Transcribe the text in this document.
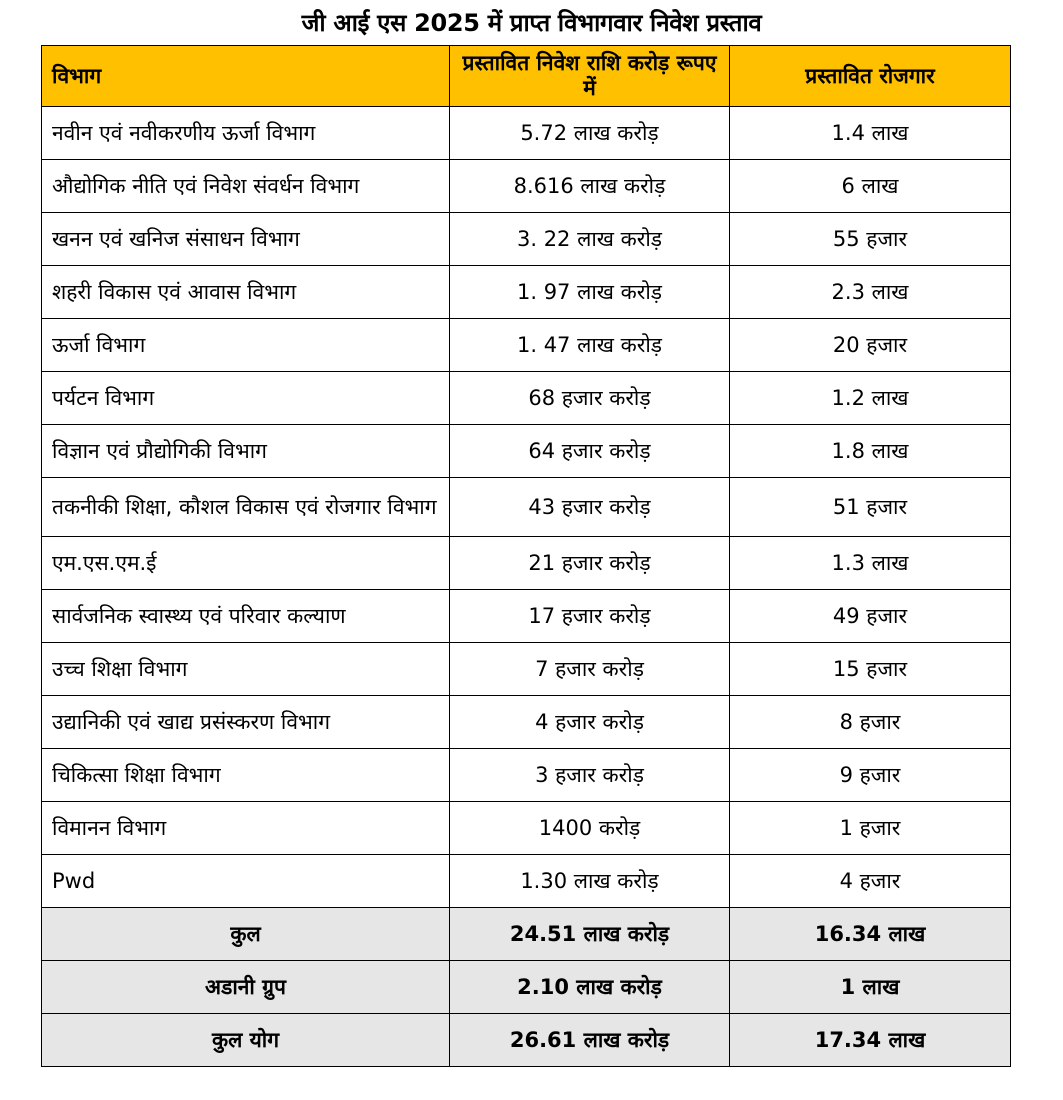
जी आई एस 2025 में प्राप्त विभागवार निवेश प्रस्ताव
विभाग	प्रस्तावित निवेश राशि करोड़ रूपए में	प्रस्तावित रोजगार
नवीन एवं नवीकरणीय ऊर्जा विभाग	5.72 लाख करोड़	1.4 लाख
औद्योगिक नीति एवं निवेश संवर्धन विभाग	8.616 लाख करोड़	6 लाख
खनन एवं खनिज संसाधन विभाग	3. 22 लाख करोड़	55 हजार
शहरी विकास एवं आवास विभाग	1. 97 लाख करोड़	2.3 लाख
ऊर्जा विभाग	1. 47 लाख करोड़	20 हजार
पर्यटन विभाग	68 हजार करोड़	1.2 लाख
विज्ञान एवं प्रौद्योगिकी विभाग	64 हजार करोड़	1.8 लाख
तकनीकी शिक्षा, कौशल विकास एवं रोजगार विभाग	43 हजार करोड़	51 हजार
एम.एस.एम.ई	21 हजार करोड़	1.3 लाख
सार्वजनिक स्वास्थ्य एवं परिवार कल्याण	17 हजार करोड़	49 हजार
उच्च शिक्षा विभाग	7 हजार करोड़	15 हजार
उद्यानिकी एवं खाद्य प्रसंस्करण विभाग	4 हजार करोड़	8 हजार
चिकित्सा शिक्षा विभाग	3 हजार करोड़	9 हजार
विमानन विभाग	1400 करोड़	1 हजार
Pwd	1.30 लाख करोड़	4 हजार
कुल	24.51 लाख करोड़	16.34 लाख
अडानी ग्रुप	2.10 लाख करोड़	1 लाख
कुल योग	26.61 लाख करोड़	17.34 लाख
